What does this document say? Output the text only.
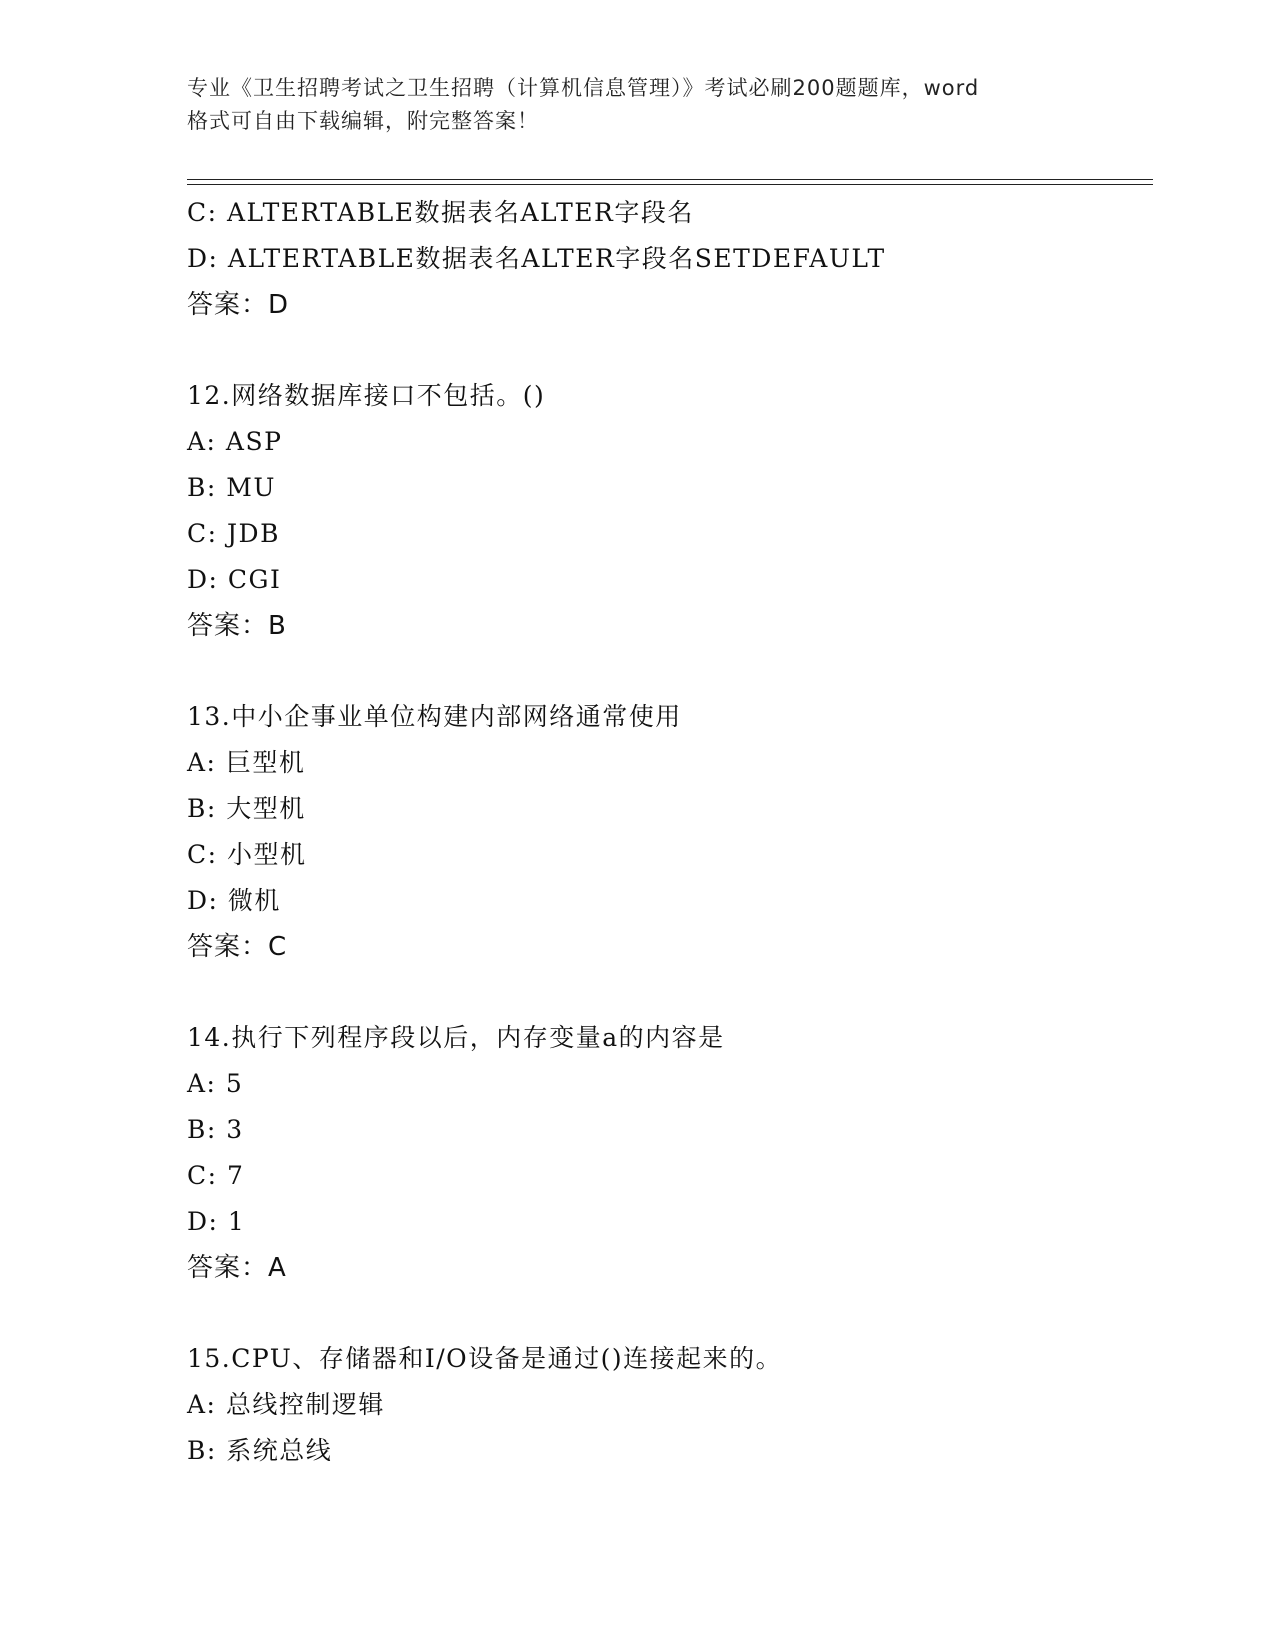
专业《卫生招聘考试之卫生招聘（计算机信息管理）》考试必刷200题题库，word
格式可自由下载编辑，附完整答案！
C: ALTERTABLE数据表名ALTER字段名
D: ALTERTABLE数据表名ALTER字段名SETDEFAULT
答案：D
12.网络数据库接口不包括。()
A: ASP
B: MU
C: JDB
D: CGI
答案：B
13.中小企事业单位构建内部网络通常使用
A: 巨型机
B: 大型机
C: 小型机
D: 微机
答案：C
14.执行下列程序段以后，内存变量a的内容是
A: 5
B: 3
C: 7
D: 1
答案：A
15.CPU、存储器和I/O设备是通过()连接起来的。
A: 总线控制逻辑
B: 系统总线
